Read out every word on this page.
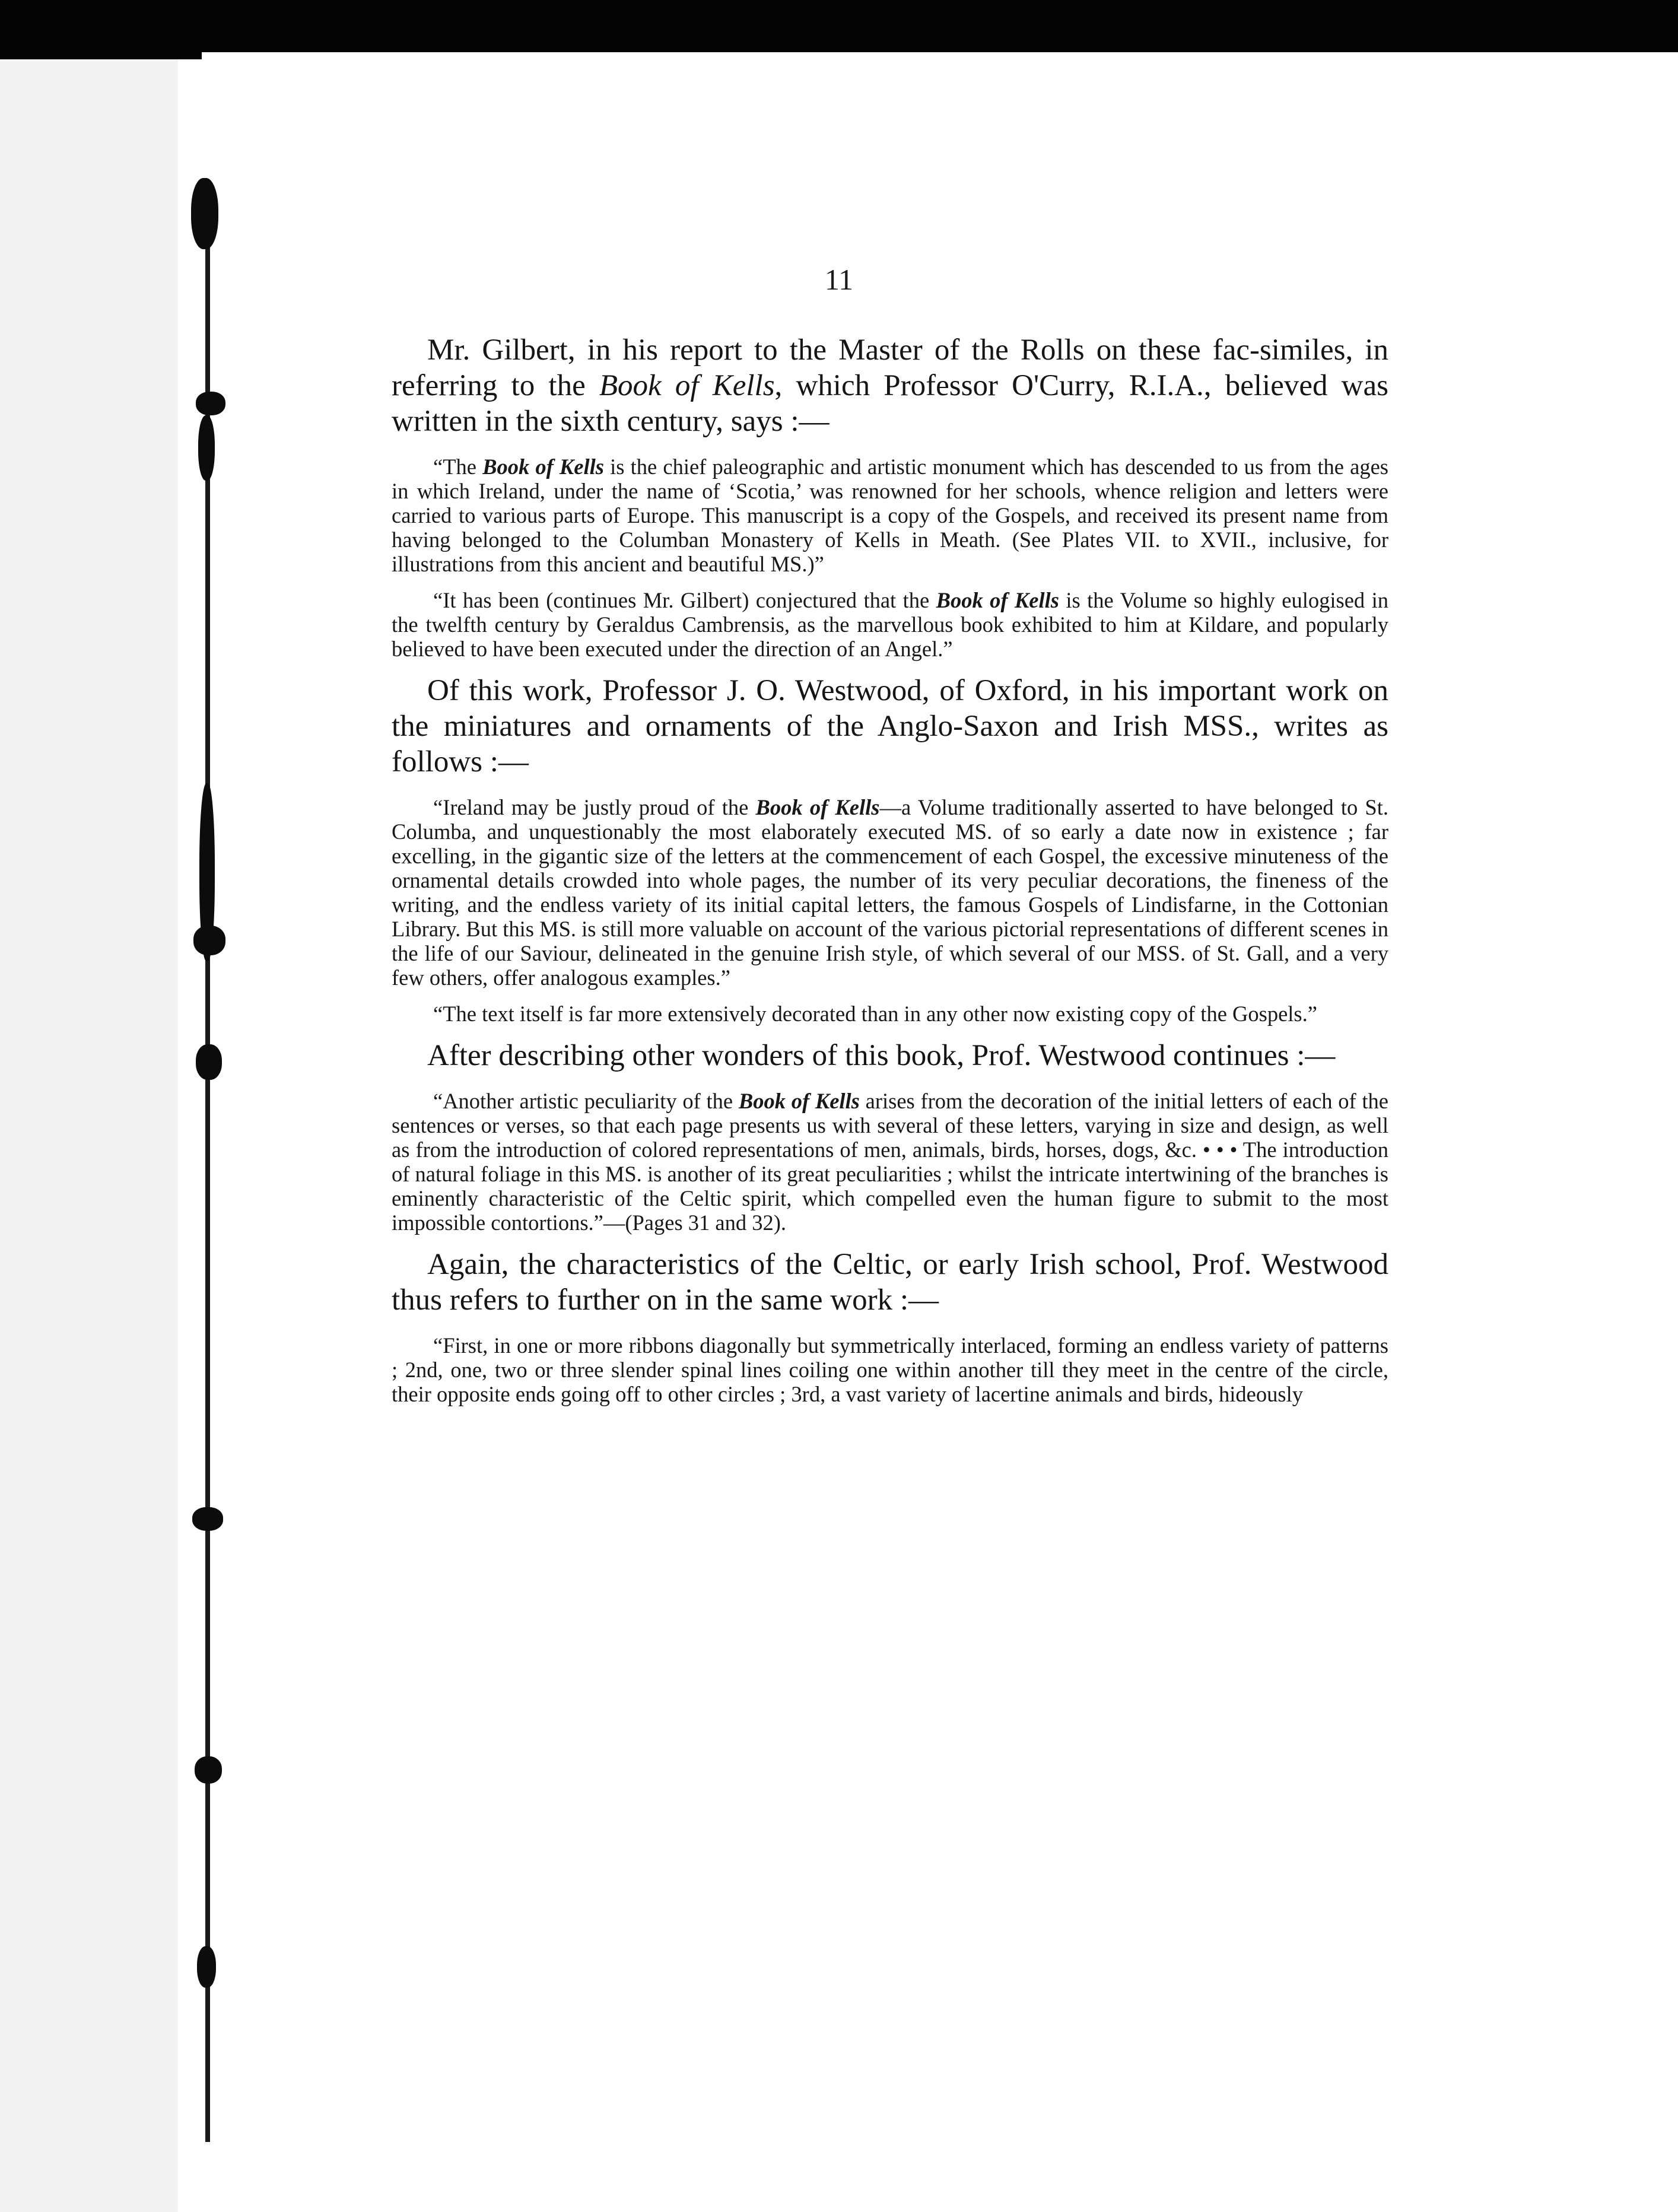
11

Mr. Gilbert, in his report to the Master of the Rolls on these fac-similes, in referring to the Book of Kells, which Professor O'Curry, R.I.A., believed was written in the sixth century, says :—

“The Book of Kells is the chief paleographic and artistic monument which has descended to us from the ages in which Ireland, under the name of ‘Scotia,’ was renowned for her schools, whence religion and letters were carried to various parts of Europe. This manuscript is a copy of the Gospels, and received its present name from having belonged to the Columban Monastery of Kells in Meath. (See Plates VII. to XVII., inclusive, for illustrations from this ancient and beautiful MS.)”

“It has been (continues Mr. Gilbert) conjectured that the Book of Kells is the Volume so highly eulogised in the twelfth century by Geraldus Cambrensis, as the marvellous book exhibited to him at Kildare, and popularly believed to have been executed under the direction of an Angel.”

Of this work, Professor J. O. Westwood, of Oxford, in his important work on the miniatures and ornaments of the Anglo-Saxon and Irish MSS., writes as follows :—

“Ireland may be justly proud of the Book of Kells—a Volume traditionally asserted to have belonged to St. Columba, and unquestionably the most elaborately executed MS. of so early a date now in existence ; far excelling, in the gigantic size of the letters at the commencement of each Gospel, the excessive minuteness of the ornamental details crowded into whole pages, the number of its very peculiar decorations, the fineness of the writing, and the endless variety of its initial capital letters, the famous Gospels of Lindisfarne, in the Cottonian Library. But this MS. is still more valuable on account of the various pictorial representations of different scenes in the life of our Saviour, delineated in the genuine Irish style, of which several of our MSS. of St. Gall, and a very few others, offer analogous examples.”

“The text itself is far more extensively decorated than in any other now existing copy of the Gospels.”

After describing other wonders of this book, Prof. Westwood continues :—

“Another artistic peculiarity of the Book of Kells arises from the decoration of the initial letters of each of the sentences or verses, so that each page presents us with several of these letters, varying in size and design, as well as from the introduction of colored representations of men, animals, birds, horses, dogs, &c. • • • The introduction of natural foliage in this MS. is another of its great peculiarities ; whilst the intricate intertwining of the branches is eminently characteristic of the Celtic spirit, which compelled even the human figure to submit to the most impossible contortions.”—(Pages 31 and 32).

Again, the characteristics of the Celtic, or early Irish school, Prof. Westwood thus refers to further on in the same work :—

“First, in one or more ribbons diagonally but symmetrically interlaced, forming an endless variety of patterns ; 2nd, one, two or three slender spinal lines coiling one within another till they meet in the centre of the circle, their opposite ends going off to other circles ; 3rd, a vast variety of lacertine animals and birds, hideously
